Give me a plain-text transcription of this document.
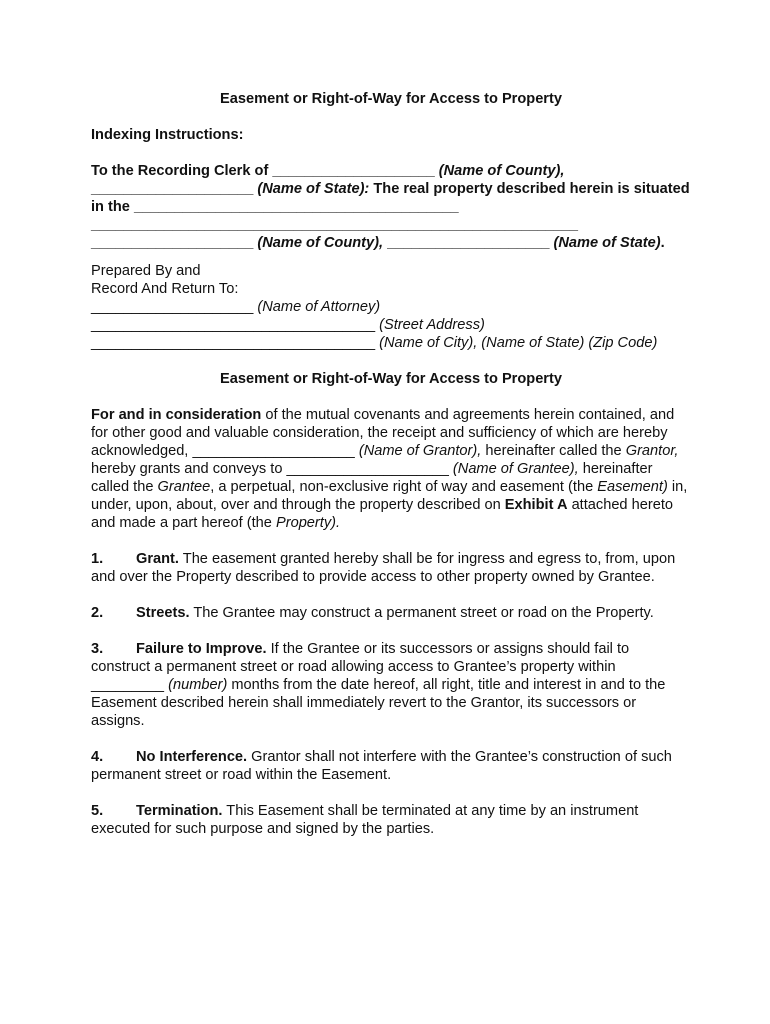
Easement or Right-of-Way for Access to Property

Indexing Instructions:

To the Recording Clerk of ____________________ (Name of County), ____________________ (Name of State): The real property described herein is situated in the ________________________________________ ____________________________________________________________ ____________________ (Name of County), ____________________ (Name of State).

Prepared By and

Record And Return To:

____________________ (Name of Attorney)

___________________________________ (Street Address)

___________________________________ (Name of City), (Name of State) (Zip Code)

Easement or Right-of-Way for Access to Property

For and in consideration of the mutual covenants and agreements herein contained, and for other good and valuable consideration, the receipt and sufficiency of which are hereby acknowledged, ____________________ (Name of Grantor), hereinafter called the Grantor, hereby grants and conveys to ____________________ (Name of Grantee), hereinafter called the Grantee, a perpetual, non-exclusive right of way and easement (the Easement) in, under, upon, about, over and through the property described on Exhibit A attached hereto and made a part hereof (the Property).

1. Grant. The easement granted hereby shall be for ingress and egress to, from, upon and over the Property described to provide access to other property owned by Grantee.

2. Streets. The Grantee may construct a permanent street or road on the Property.

3. Failure to Improve. If the Grantee or its successors or assigns should fail to construct a permanent street or road allowing access to Grantee’s property within _________ (number) months from the date hereof, all right, title and interest in and to the Easement described herein shall immediately revert to the Grantor, its successors or assigns.

4. No Interference. Grantor shall not interfere with the Grantee’s construction of such permanent street or road within the Easement.

5. Termination. This Easement shall be terminated at any time by an instrument executed for such purpose and signed by the parties.
